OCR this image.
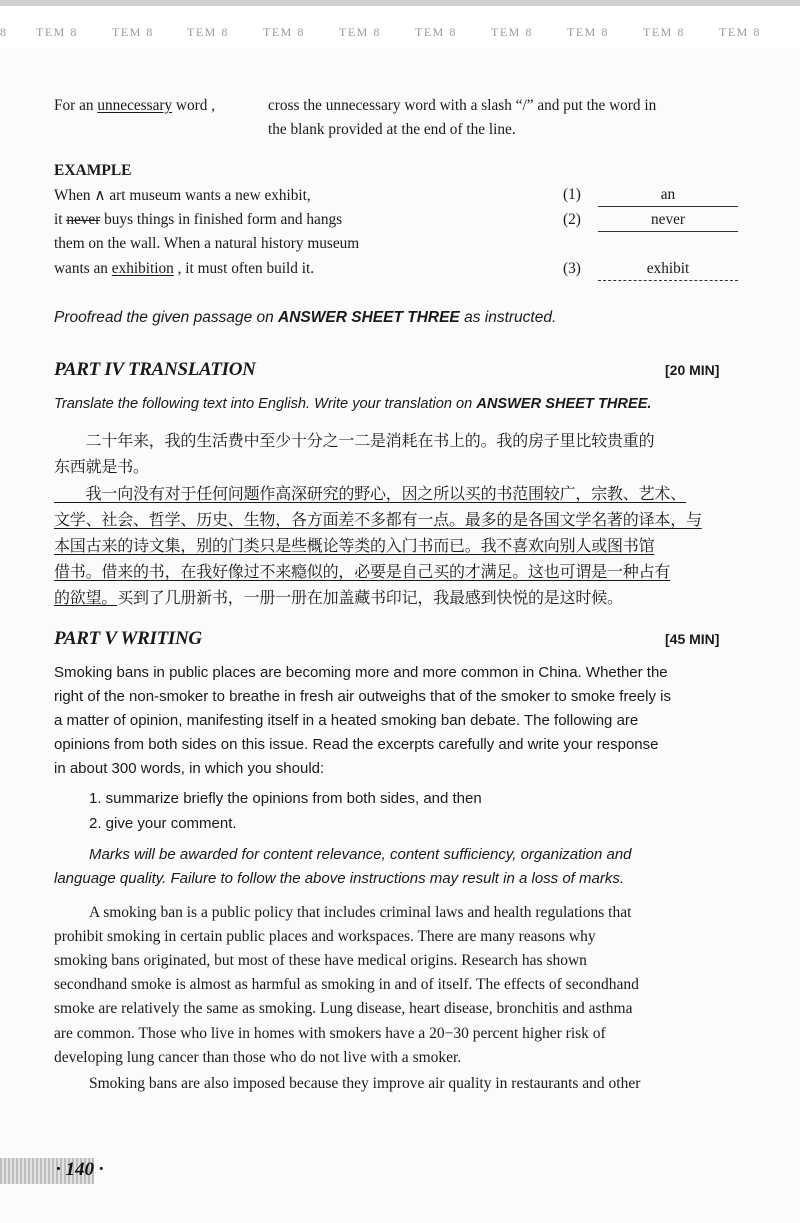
8 TEM 8	TEM 8	TEM 8	TEM 8	TEM 8	TEM 8	TEM 8	TEM 8	TEM 8	TEM 8
For an unnecessary word ,	cross the unnecessary word with a slash “/” and put the word in
the blank provided at the end of the line.
EXAMPLE
When ∧ art museum wants a new exhibit,
it never buys things in finished form and hangs
them on the wall. When a natural history museum
wants an exhibition , it must often build it.
(1)	an
(2)	never
(3)	exhibit
Proofread the given passage on ANSWER SHEET THREE as instructed.
PART IV TRANSLATION	[20 MIN]
Translate the following text into English. Write your translation on ANSWER SHEET THREE.
　　二十年来，我的生活费中至少十分之一二是消耗在书上的。我的房子里比较贵重的
东西就是书。
　　我一向没有对于任何问题作高深研究的野心，因之所以买的书范围较广，宗教、艺术、
文学、社会、哲学、历史、生物，各方面差不多都有一点。最多的是各国文学名著的译本，与
本国古来的诗文集，别的门类只是些概论等类的入门书而已。我不喜欢向别人或图书馆
借书。借来的书，在我好像过不来瘾似的，必要是自己买的才满足。这也可谓是一种占有
的欲望。买到了几册新书，一册一册在加盖藏书印记，我最感到快悦的是这时候。
PART V WRITING	[45 MIN]
Smoking bans in public places are becoming more and more common in China. Whether the
right of the non-smoker to breathe in fresh air outweighs that of the smoker to smoke freely is
a matter of opinion, manifesting itself in a heated smoking ban debate. The following are
opinions from both sides on this issue. Read the excerpts carefully and write your response
in about 300 words, in which you should:
1. summarize briefly the opinions from both sides, and then
2. give your comment.
Marks will be awarded for content relevance, content sufficiency, organization and
language quality. Failure to follow the above instructions may result in a loss of marks.
A smoking ban is a public policy that includes criminal laws and health regulations that
prohibit smoking in certain public places and workspaces. There are many reasons why
smoking bans originated, but most of these have medical origins. Research has shown
secondhand smoke is almost as harmful as smoking in and of itself. The effects of secondhand
smoke are relatively the same as smoking. Lung disease, heart disease, bronchitis and asthma
are common. Those who live in homes with smokers have a 20−30 percent higher risk of
developing lung cancer than those who do not live with a smoker.
Smoking bans are also imposed because they improve air quality in restaurants and other
· 140 ·
